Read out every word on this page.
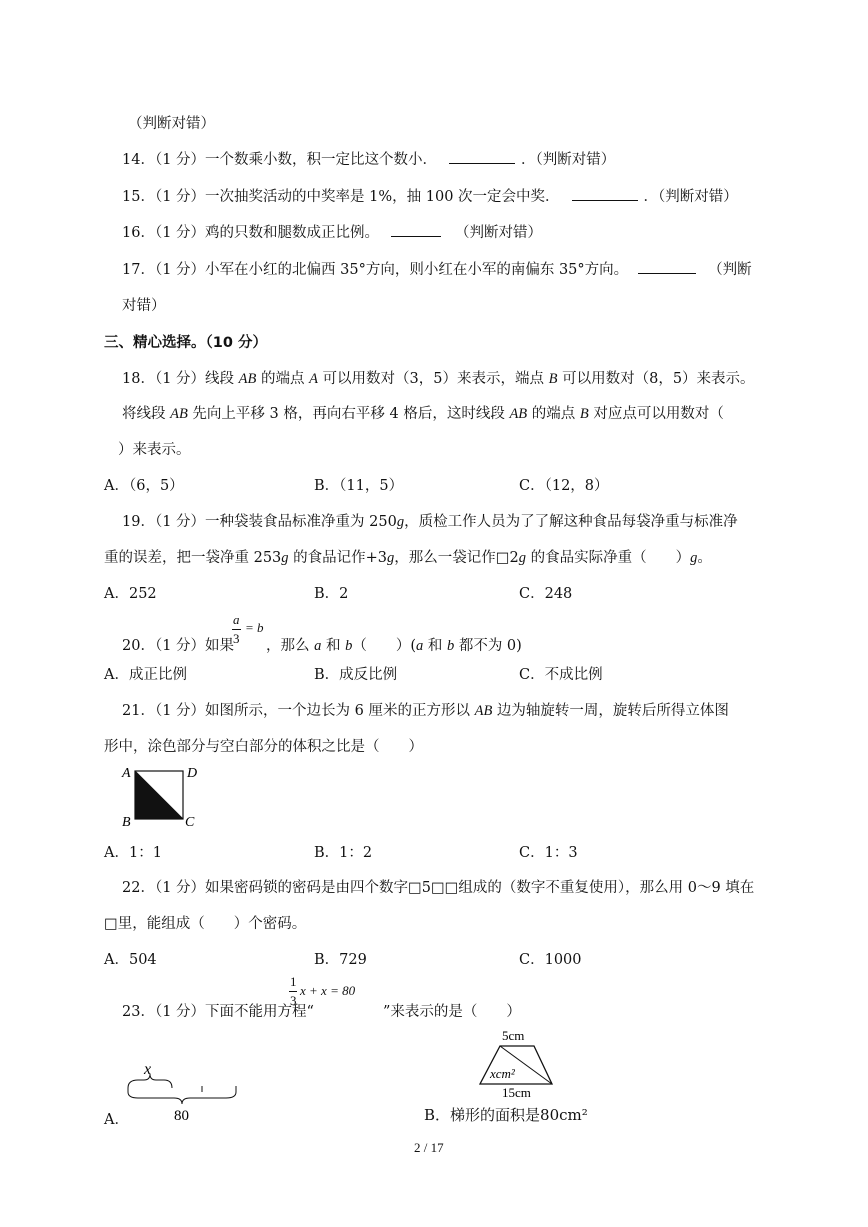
（判断对错）
14．（1 分）一个数乘小数，积一定比这个数小．	．（判断对错）
15．（1 分）一次抽奖活动的中奖率是 1%，抽 100 次一定会中奖．	．（判断对错）
16．（1 分）鸡的只数和腿数成正比例。	（判断对错）
17．（1 分）小军在小红的北偏西 35°方向，则小红在小军的南偏东 35°方向。	（判断
对错）
三、精心选择。（10 分）
18．（1 分）线段 AB 的端点 A 可以用数对（3，5）来表示，端点 B 可以用数对（8，5）来表示。
将线段 AB 先向上平移 3 格，再向右平移 4 格后，这时线段 AB 的端点 B 对应点可以用数对（
）来表示。
A．（6，5）	B．（11，5）	C．（12，8）
19．（1 分）一种袋装食品标准净重为 250g，质检工作人员为了了解这种食品每袋净重与标准净
重的误差，把一袋净重 253g 的食品记作+3g，那么一袋记作□2g 的食品实际净重（　　）g。
A．252	B．2	C．248
a
3
= b
20．（1 分）如果 ，那么 a 和 b（　　）(a 和 b 都不为 0)
A．成正比例	B．成反比例	C．不成比例
21．（1 分）如图所示，一个边长为 6 厘米的正方形以 AB 边为轴旋转一周，旋转后所得立体图
形中，涂色部分与空白部分的体积之比是（　　）
A	D
B	C
A．1：1	B．1：2	C．1：3
22．（1 分）如果密码锁的密码是由四个数字□5□□组成的（数字不重复使用），那么用 0～9 填在
□里，能组成（　　）个密码。
A．504	B．729	C．1000
1
3
x + x = 80
23．（1 分）下面不能用方程“	”来表示的是（　　）
A．
x
80
5cm
xcm²
15cm
B．梯形的面积是80cm²
2 / 17
